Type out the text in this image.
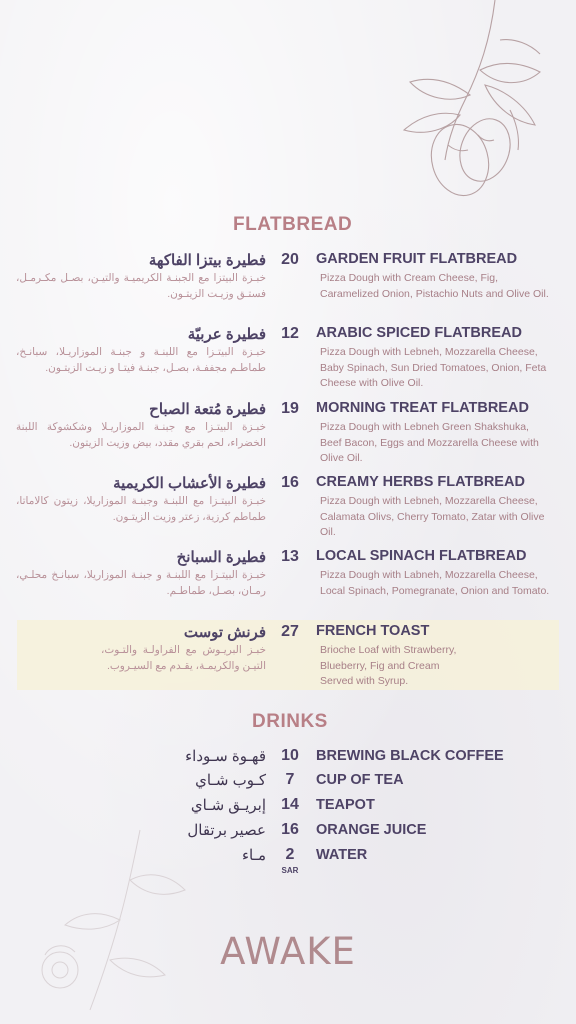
FLATBREAD
20	GARDEN FRUIT FLATBREAD
Pizza Dough with Cream Cheese, Fig, Caramelized Onion, Pistachio Nuts and Olive Oil.
فطيرة بيتزا الفاكهة
خبـزة البيتزا مع الجبنـة الكريميـة والتيـن، بصـل مكـرمـل، فستـق وزيـت الزيتـون.
12	ARABIC SPICED FLATBREAD
Pizza Dough with Lebneh, Mozzarella Cheese, Baby Spinach, Sun Dried Tomatoes, Onion, Feta Cheese with Olive Oil.
فطيرة عربيّة
خبـزة البيتـزا مع اللبنـة و جبنـة الموزاريـلا، سبانـخ، طماطـم مجففـة، بصـل، جبنـة فيتـا و زيـت الزيتـون.
19	MORNING TREAT FLATBREAD
Pizza Dough with Lebneh Green Shakshuka, Beef Bacon, Eggs and Mozzarella Cheese with Olive Oil.
فطيرة مُتعة الصباح
خبـزة البيتـزا مع جبنـة الموزاريـلا وشكشوكة اللبنة الخضراء، لحم بقري مقدد، بيض وزيت الزيتون.
16	CREAMY HERBS FLATBREAD
Pizza Dough with Lebneh, Mozzarella Cheese, Calamata Olivs, Cherry Tomato, Zatar with Olive Oil.
فطيرة الأعشاب الكريمية
خبـزة البيتـزا مع اللبنـة وجبنـة الموزاريلا، زيتون كالاماتا، طماطم كرزية، زعتر وزيت الزيتـون.
13	LOCAL SPINACH FLATBREAD
Pizza Dough with Labneh, Mozzarella Cheese, Local Spinach, Pomegranate, Onion and Tomato.
فطيرة السبانخ
خبـزة البيتـزا مع اللبنـة و جبنـة الموزاريلا، سبانـخ محلـي، رمـان، بصـل، طماطـم.
27	FRENCH TOAST
Brioche Loaf with Strawberry, Blueberry, Fig and Cream Served with Syrup.
فرنش توست
خبـز البريـوش مع الفراولـة والتـوت، التيـن والكريمـة، يقـدم مع السيـروب.
DRINKS
10	BREWING BLACK COFFEE
قهـوة سـوداء
7	CUP OF TEA
كـوب شـاي
14	TEAPOT
إبريـق شـاي
16	ORANGE JUICE
عصير برتقال
2	WATER
مـاء
SAR
AWAKE
